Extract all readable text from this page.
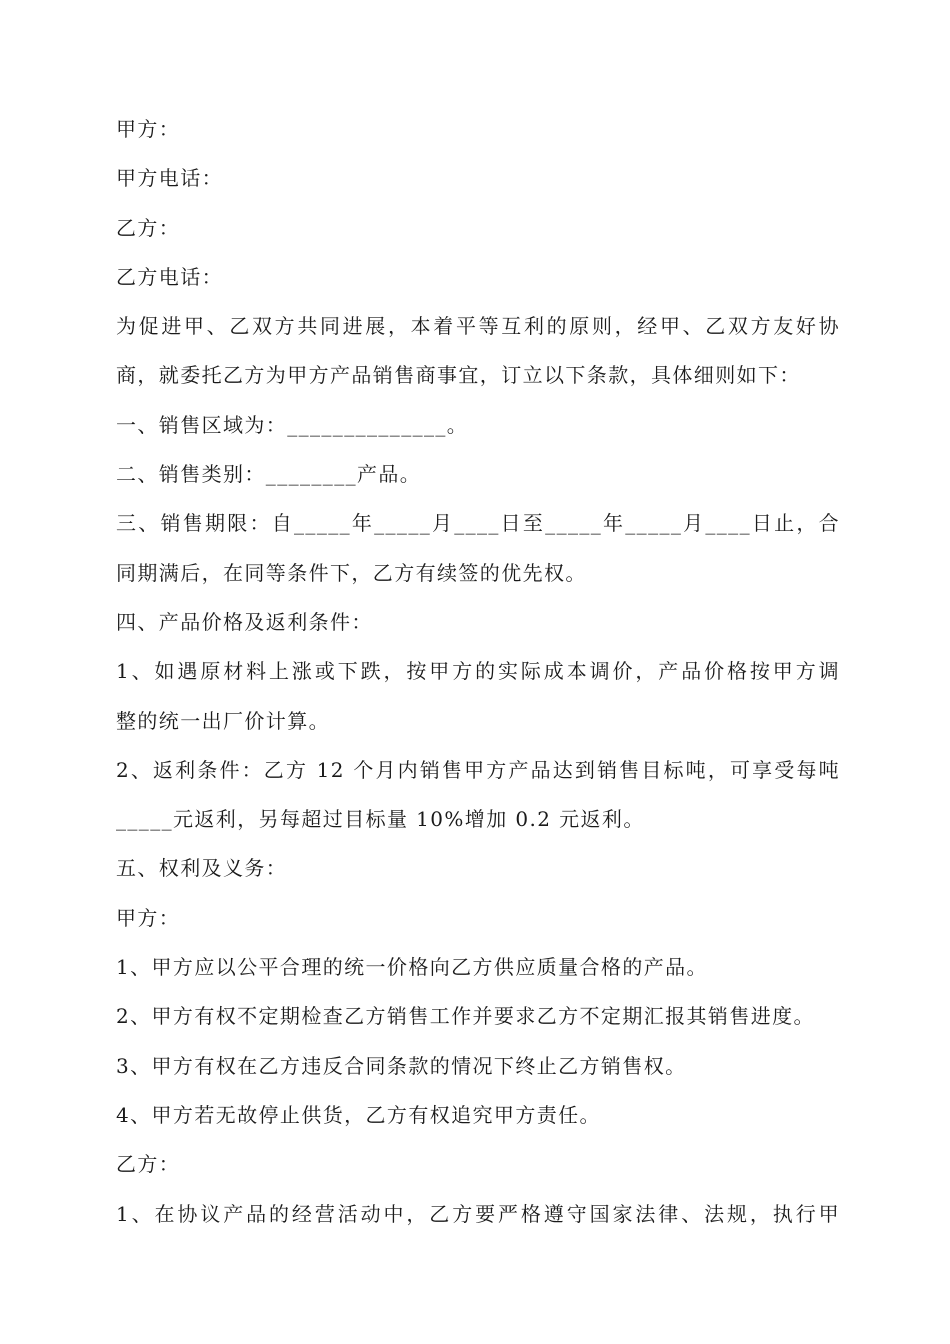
甲方：
甲方电话：
乙方：
乙方电话：
为促进甲、乙双方共同进展，本着平等互利的原则，经甲、乙双方友好协
商，就委托乙方为甲方产品销售商事宜，订立以下条款，具体细则如下：
一、销售区域为：______________。
二、销售类别：________产品。
三、销售期限：自_____年_____月____日至_____年_____月____日止，合
同期满后，在同等条件下，乙方有续签的优先权。
四、产品价格及返利条件：
1、如遇原材料上涨或下跌，按甲方的实际成本调价，产品价格按甲方调
整的统一出厂价计算。
2、返利条件：乙方 12 个月内销售甲方产品达到销售目标吨，可享受每吨
_____元返利，另每超过目标量 10%增加 0.2 元返利。
五、权利及义务：
甲方：
1、甲方应以公平合理的统一价格向乙方供应质量合格的产品。
2、甲方有权不定期检查乙方销售工作并要求乙方不定期汇报其销售进度。
3、甲方有权在乙方违反合同条款的情况下终止乙方销售权。
4、甲方若无故停止供货，乙方有权追究甲方责任。
乙方：
1、在协议产品的经营活动中，乙方要严格遵守国家法律、法规，执行甲
